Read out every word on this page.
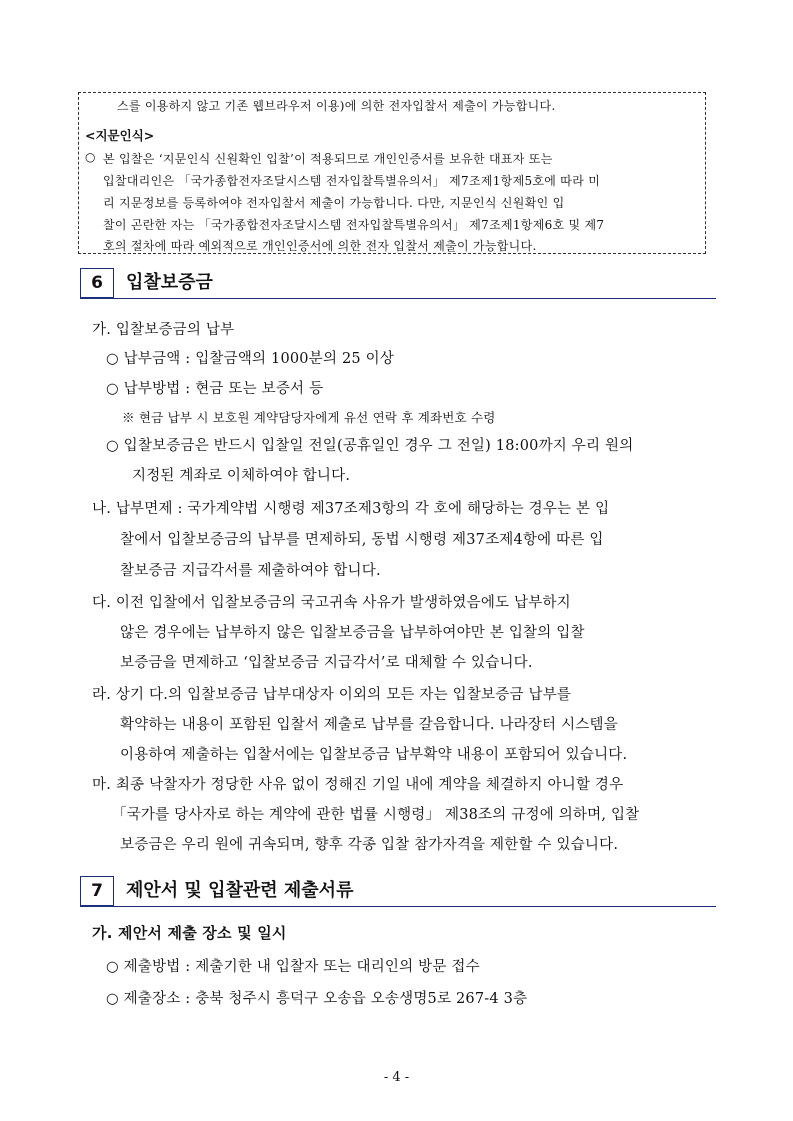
스를 이용하지 않고 기존 웹브라우저 이용)에 의한 전자입찰서 제출이 가능합니다.
<지문인식>
○ 본 입찰은 ‘지문인식 신원확인 입찰’이 적용되므로 개인인증서를 보유한 대표자 또는
입찰대리인은 「국가종합전자조달시스템 전자입찰특별유의서」 제7조제1항제5호에 따라 미
리 지문정보를 등록하여야 전자입찰서 제출이 가능합니다. 다만, 지문인식 신원확인 입
찰이 곤란한 자는 「국가종합전자조달시스템 전자입찰특별유의서」 제7조제1항제6호 및 제7
호의 절차에 따라 예외적으로 개인인증서에 의한 전자 입찰서 제출이 가능합니다.
6	입찰보증금
가. 입찰보증금의 납부
○ 납부금액 : 입찰금액의 1000분의 25 이상
○ 납부방법 : 현금 또는 보증서 등
※ 현금 납부 시 보호원 계약담당자에게 유선 연락 후 계좌번호 수령
○ 입찰보증금은 반드시 입찰일 전일(공휴일인 경우 그 전일) 18:00까지 우리 원의
지정된 계좌로 이체하여야 합니다.
나. 납부면제 : 국가계약법 시행령 제37조제3항의 각 호에 해당하는 경우는 본 입
찰에서 입찰보증금의 납부를 면제하되, 동법 시행령 제37조제4항에 따른 입
찰보증금 지급각서를 제출하여야 합니다.
다. 이전 입찰에서 입찰보증금의 국고귀속 사유가 발생하였음에도 납부하지
않은 경우에는 납부하지 않은 입찰보증금을 납부하여야만 본 입찰의 입찰
보증금을 면제하고 ‘입찰보증금 지급각서’로 대체할 수 있습니다.
라. 상기 다.의 입찰보증금 납부대상자 이외의 모든 자는 입찰보증금 납부를
확약하는 내용이 포함된 입찰서 제출로 납부를 갈음합니다. 나라장터 시스템을
이용하여 제출하는 입찰서에는 입찰보증금 납부확약 내용이 포함되어 있습니다.
마. 최종 낙찰자가 정당한 사유 없이 정해진 기일 내에 계약을 체결하지 아니할 경우
「국가를 당사자로 하는 계약에 관한 법률 시행령」 제38조의 규정에 의하며, 입찰
보증금은 우리 원에 귀속되며, 향후 각종 입찰 참가자격을 제한할 수 있습니다.
7	제안서 및 입찰관련 제출서류
가. 제안서 제출 장소 및 일시
○ 제출방법 : 제출기한 내 입찰자 또는 대리인의 방문 접수
○ 제출장소 : 충북 청주시 흥덕구 오송읍 오송생명5로 267-4 3층
- 4 -
